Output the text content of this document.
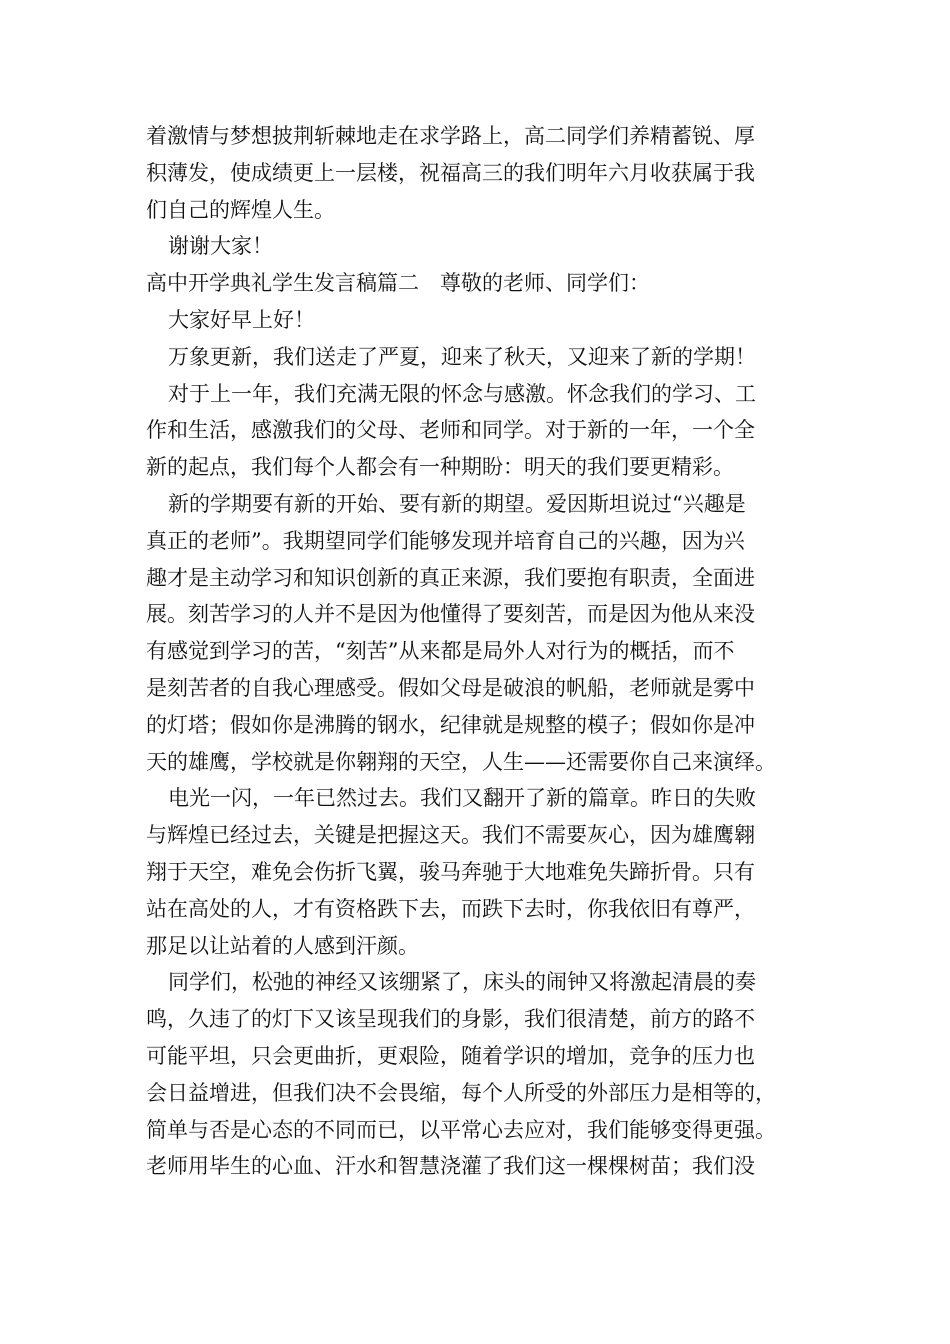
着激情与梦想披荆斩棘地走在求学路上，高二同学们养精蓄锐、厚
积薄发，使成绩更上一层楼，祝福高三的我们明年六月收获属于我
们自己的辉煌人生。
谢谢大家！
高中开学典礼学生发言稿篇二　尊敬的老师、同学们：
大家好早上好！
万象更新，我们送走了严夏，迎来了秋天，又迎来了新的学期！
对于上一年，我们充满无限的怀念与感激。怀念我们的学习、工
作和生活，感激我们的父母、老师和同学。对于新的一年，一个全
新的起点，我们每个人都会有一种期盼：明天的我们要更精彩。
新的学期要有新的开始、要有新的期望。爱因斯坦说过“兴趣是
真正的老师”。我期望同学们能够发现并培育自己的兴趣，因为兴
趣才是主动学习和知识创新的真正来源，我们要抱有职责，全面进
展。刻苦学习的人并不是因为他懂得了要刻苦，而是因为他从来没
有感觉到学习的苦，“刻苦”从来都是局外人对行为的概括，而不
是刻苦者的自我心理感受。假如父母是破浪的帆船，老师就是雾中
的灯塔；假如你是沸腾的钢水，纪律就是规整的模子；假如你是冲
天的雄鹰，学校就是你翱翔的天空，人生——还需要你自己来演绎。
电光一闪，一年已然过去。我们又翻开了新的篇章。昨日的失败
与辉煌已经过去，关键是把握这天。我们不需要灰心，因为雄鹰翱
翔于天空，难免会伤折飞翼，骏马奔驰于大地难免失蹄折骨。只有
站在高处的人，才有资格跌下去，而跌下去时，你我依旧有尊严，
那足以让站着的人感到汗颜。
同学们，松弛的神经又该绷紧了，床头的闹钟又将激起清晨的奏
鸣，久违了的灯下又该呈现我们的身影，我们很清楚，前方的路不
可能平坦，只会更曲折，更艰险，随着学识的增加，竞争的压力也
会日益增进，但我们决不会畏缩，每个人所受的外部压力是相等的，
简单与否是心态的不同而已，以平常心去应对，我们能够变得更强。
老师用毕生的心血、汗水和智慧浇灌了我们这一棵棵树苗；我们没
